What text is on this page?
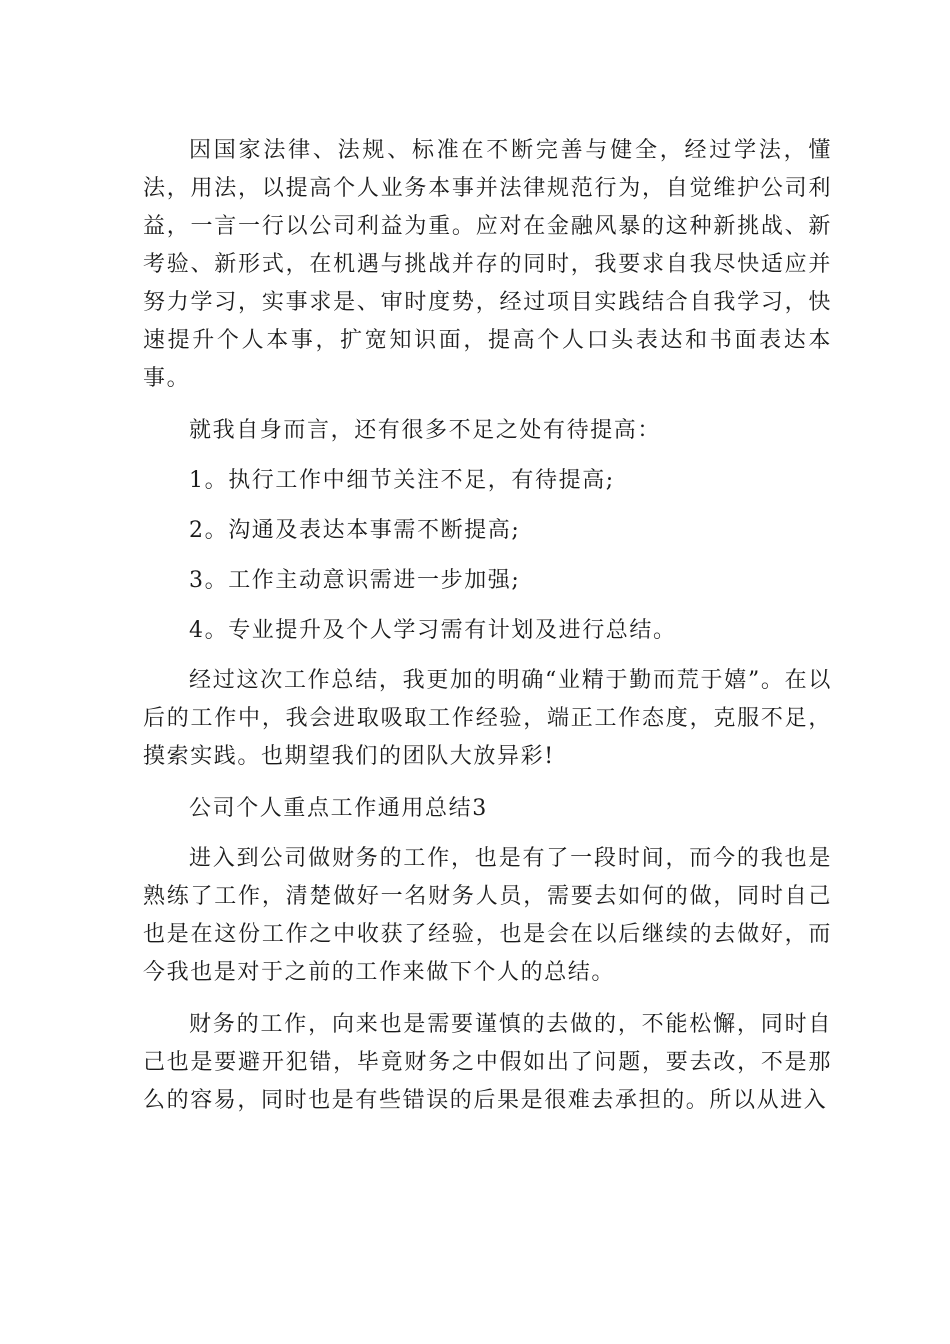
因国家法律、法规、标准在不断完善与健全，经过学法，懂法，用法，以提高个人业务本事并法律规范行为，自觉维护公司利益，一言一行以公司利益为重。应对在金融风暴的这种新挑战、新考验、新形式，在机遇与挑战并存的同时，我要求自我尽快适应并努力学习，实事求是、审时度势，经过项目实践结合自我学习，快速提升个人本事，扩宽知识面，提高个人口头表达和书面表达本事。

就我自身而言，还有很多不足之处有待提高：

1。执行工作中细节关注不足，有待提高;

2。沟通及表达本事需不断提高;

3。工作主动意识需进一步加强;

4。专业提升及个人学习需有计划及进行总结。

经过这次工作总结，我更加的明确“业精于勤而荒于嬉”。在以后的工作中，我会进取吸取工作经验，端正工作态度，克服不足，摸索实践。也期望我们的团队大放异彩!

公司个人重点工作通用总结3

进入到公司做财务的工作，也是有了一段时间，而今的我也是熟练了工作，清楚做好一名财务人员，需要去如何的做，同时自己也是在这份工作之中收获了经验，也是会在以后继续的去做好，而今我也是对于之前的工作来做下个人的总结。

财务的工作，向来也是需要谨慎的去做的，不能松懈，同时自己也是要避开犯错，毕竟财务之中假如出了问题，要去改，不是那么的容易，同时也是有些错误的后果是很难去承担的。所以从进入
